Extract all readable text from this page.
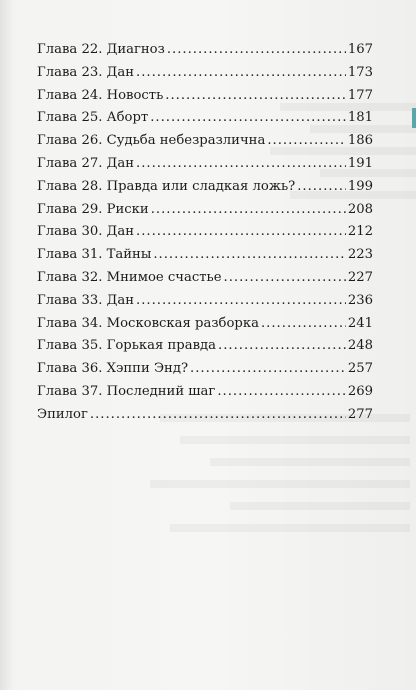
Глава 22. Диагноз .....	167
Глава 23. Дан .....	173
Глава 24. Новость .....	177
Глава 25. Аборт .....	181
Глава 26. Судьба небезразлична .....	186
Глава 27. Дан .....	191
Глава 28. Правда или сладкая ложь? .....	199
Глава 29. Риски .....	208
Глава 30. Дан .....	212
Глава 31. Тайны .....	223
Глава 32. Мнимое счастье .....	227
Глава 33. Дан .....	236
Глава 34. Московская разборка .....	241
Глава 35. Горькая правда .....	248
Глава 36. Хэппи Энд? .....	257
Глава 37. Последний шаг .....	269
Эпилог .....	277
